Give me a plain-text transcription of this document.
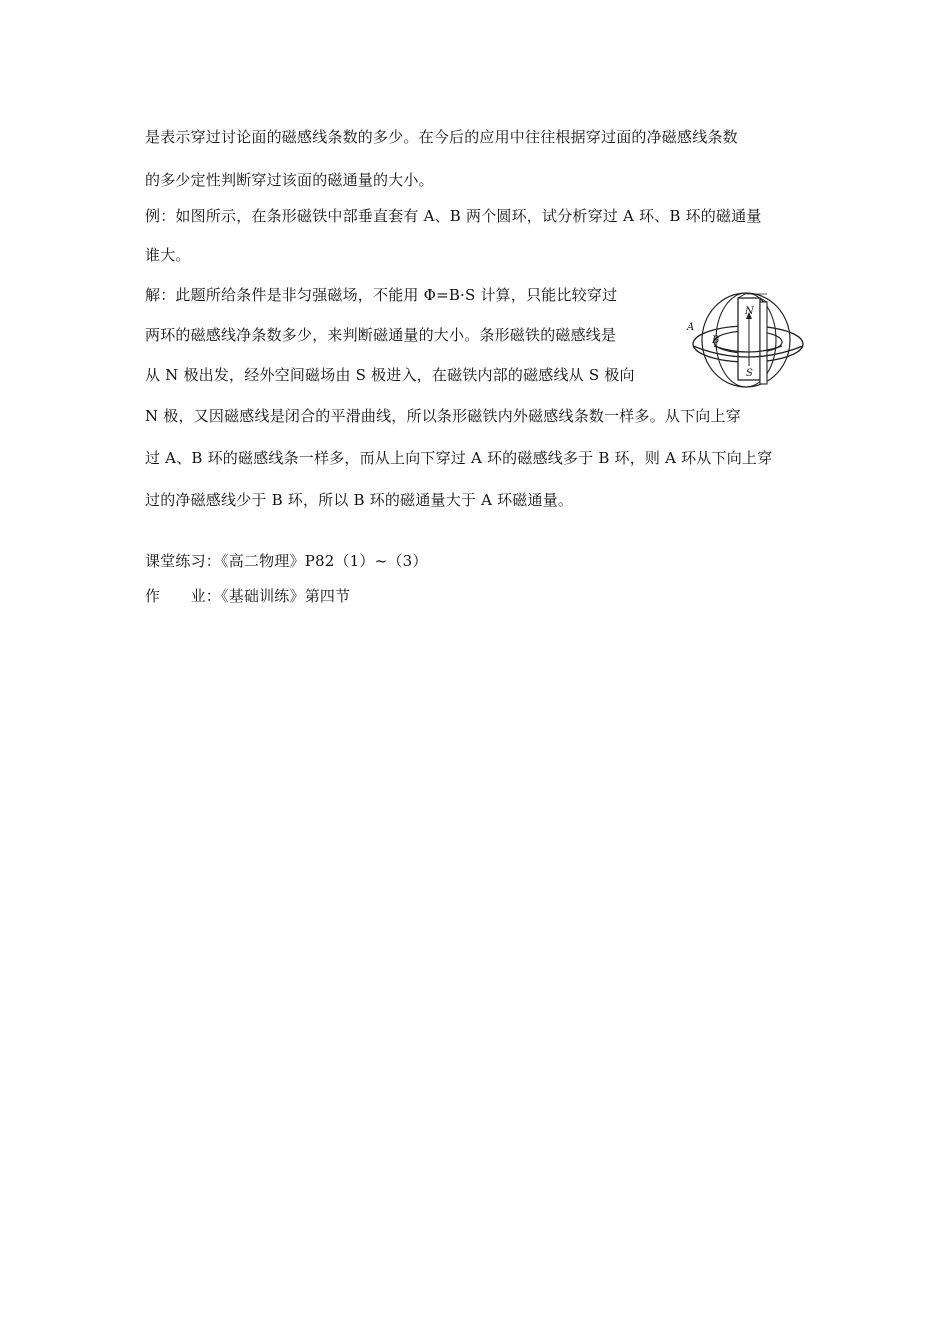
是表示穿过讨论面的磁感线条数的多少。在今后的应用中往往根据穿过面的净磁感线条数
的多少定性判断穿过该面的磁通量的大小。
例：如图所示，在条形磁铁中部垂直套有 A、B 两个圆环，试分析穿过 A 环、B 环的磁通量
谁大。
解：此题所给条件是非匀强磁场，不能用 Φ=B·S 计算，只能比较穿过
两环的磁感线净条数多少，来判断磁通量的大小。条形磁铁的磁感线是
从 N 极出发，经外空间磁场由 S 极进入，在磁铁内部的磁感线从 S 极向
N 极，又因磁感线是闭合的平滑曲线，所以条形磁铁内外磁感线条数一样多。从下向上穿
过 A、B 环的磁感线条一样多，而从上向下穿过 A 环的磁感线多于 B 环，则 A 环从下向上穿
过的净磁感线少于 B 环，所以 B 环的磁通量大于 A 环磁通量。
课堂练习：《高二物理》P82（1）~（3）
作　　业：《基础训练》第四节
A
B
N
S
